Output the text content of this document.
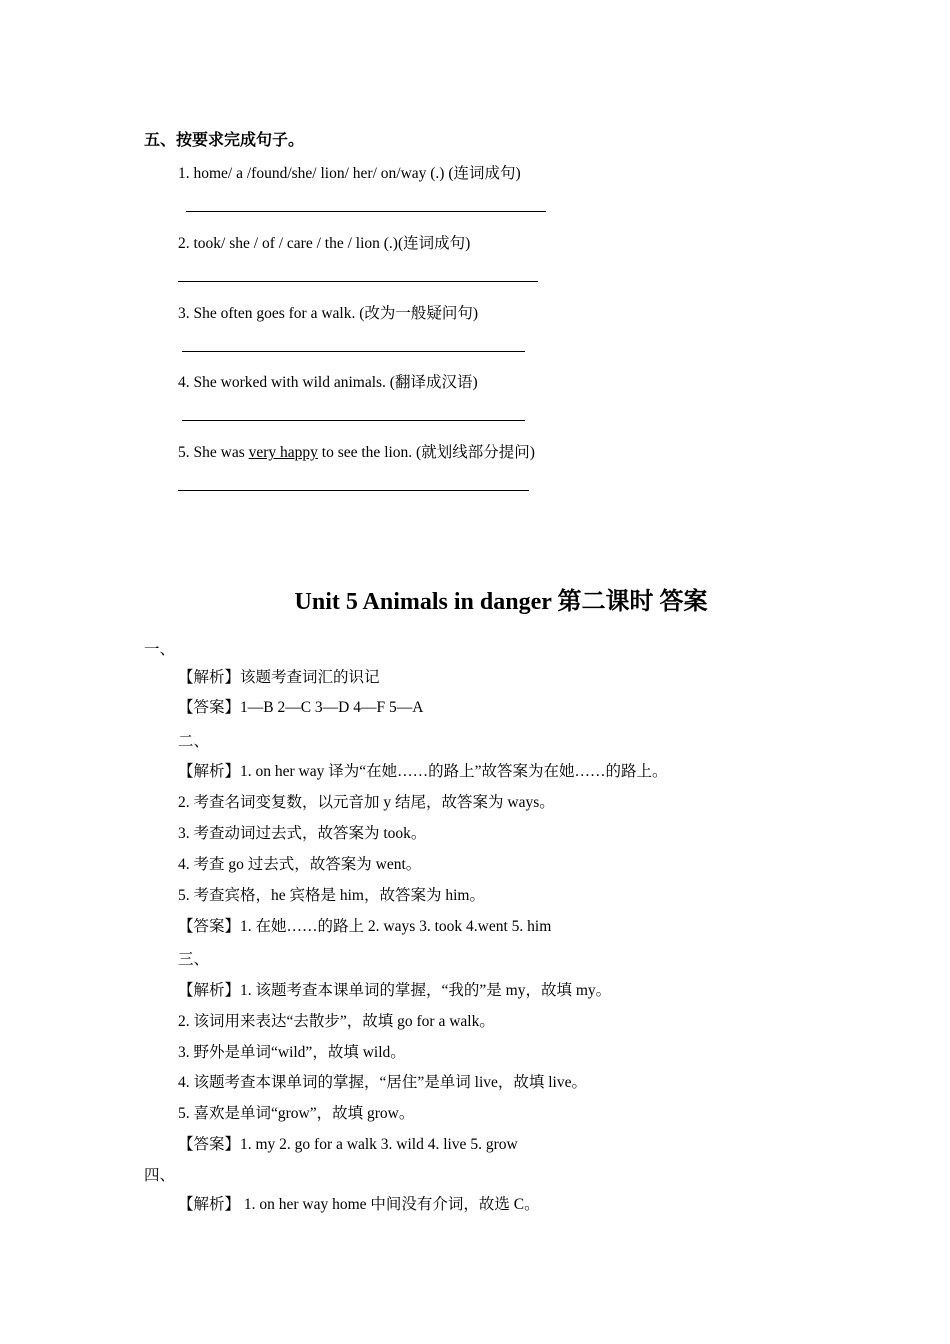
五、按要求完成句子。
1. home/ a /found/she/ lion/ her/ on/way (.) (连词成句)
2. took/ she / of / care / the / lion (.)(连词成句)
3. She often goes for a walk. (改为一般疑问句)
4. She worked with wild animals. (翻译成汉语)
5. She was very happy to see the lion. (就划线部分提问)
Unit 5 Animals in danger 第二课时 答案
一、
【解析】该题考查词汇的识记
【答案】1—B 2—C 3—D 4—F 5—A
二、
【解析】1. on her way 译为“在她……的路上”故答案为在她……的路上。
2. 考查名词变复数，以元音加 y 结尾，故答案为 ways。
3. 考查动词过去式，故答案为 took。
4. 考查 go 过去式，故答案为 went。
5. 考查宾格，he 宾格是 him，故答案为 him。
【答案】1. 在她……的路上 2. ways 3. took 4.went 5. him
三、
【解析】1. 该题考查本课单词的掌握，“我的”是 my，故填 my。
2. 该词用来表达“去散步”，故填 go for a walk。
3. 野外是单词“wild”，故填 wild。
4. 该题考查本课单词的掌握，“居住”是单词 live，故填 live。
5. 喜欢是单词“grow”，故填 grow。
【答案】1. my 2. go for a walk 3. wild 4. live 5. grow
四、
【解析】 1. on her way home 中间没有介词，故选 C。
